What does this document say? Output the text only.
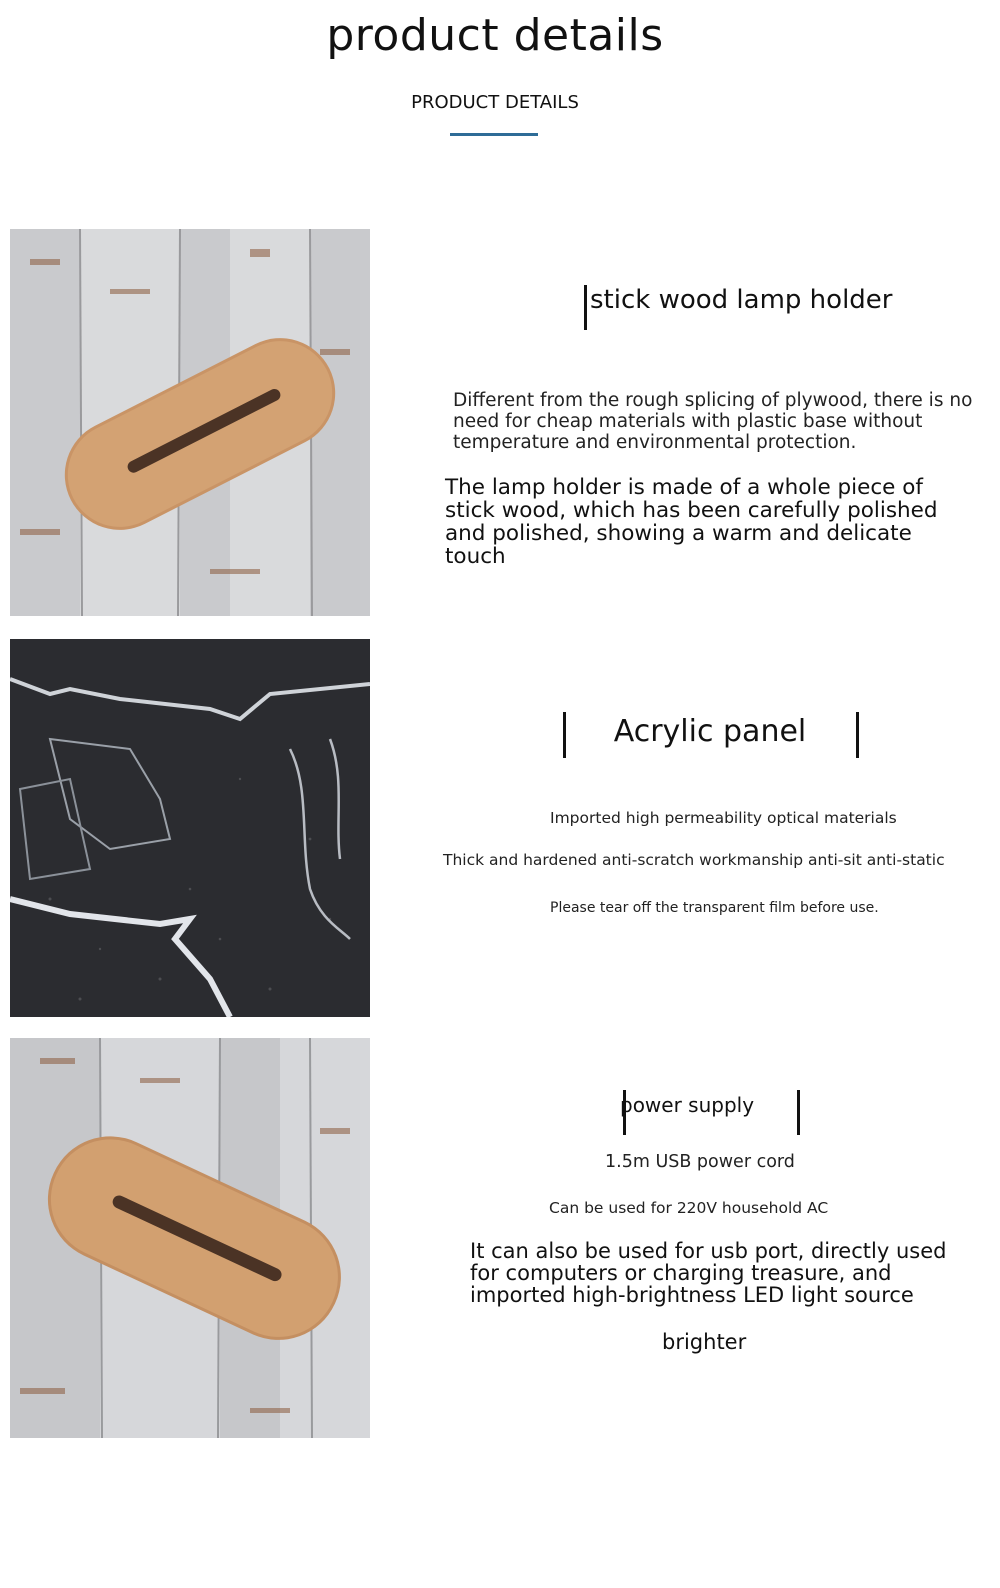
product details
PRODUCT DETAILS
stick wood lamp holder
Different from the rough splicing of plywood, there is no need for cheap materials with plastic base without temperature and environmental protection.
The lamp holder is made of a whole piece of stick wood, which has been carefully polished and polished, showing a warm and delicate touch
Acrylic panel
Imported high permeability optical materials
Thick and hardened anti-scratch workmanship anti-sit anti-static
Please tear off the transparent film before use.
power supply
1.5m USB power cord
Can be used for 220V household AC
It can also be used for usb port, directly used for computers or charging treasure, and imported high-brightness LED light source
brighter
